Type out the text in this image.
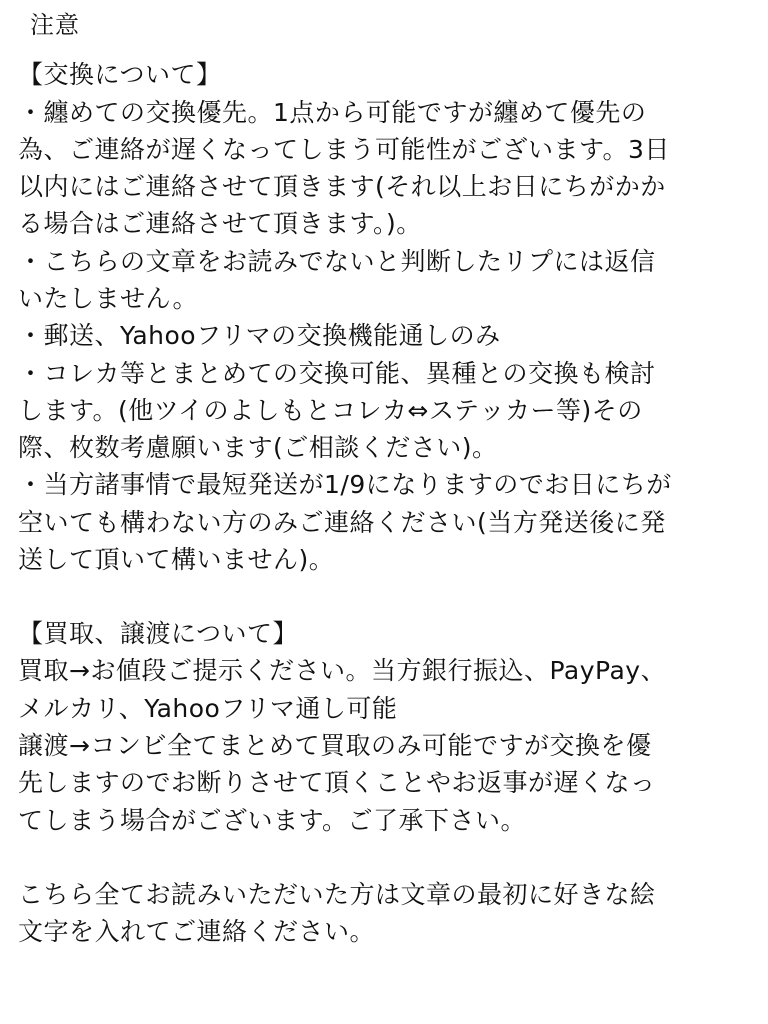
注意
【交換について】
・纏めての交換優先。1点から可能ですが纏めて優先の
為、ご連絡が遅くなってしまう可能性がございます。3日
以内にはご連絡させて頂きます(それ以上お日にちがかか
る場合はご連絡させて頂きます。)。
・こちらの文章をお読みでないと判断したリプには返信
いたしません。
・郵送、Yahooフリマの交換機能通しのみ
・コレカ等とまとめての交換可能、異種との交換も検討
します。(他ツイのよしもとコレカ⇔ステッカー等)その
際、枚数考慮願います(ご相談ください)。
・当方諸事情で最短発送が1/9になりますのでお日にちが
空いても構わない方のみご連絡ください(当方発送後に発
送して頂いて構いません)。
【買取、譲渡について】
買取→お値段ご提示ください。当方銀行振込、PayPay、
メルカリ、Yahooフリマ通し可能
譲渡→コンビ全てまとめて買取のみ可能ですが交換を優
先しますのでお断りさせて頂くことやお返事が遅くなっ
てしまう場合がございます。ご了承下さい。
こちら全てお読みいただいた方は文章の最初に好きな絵
文字を入れてご連絡ください。
